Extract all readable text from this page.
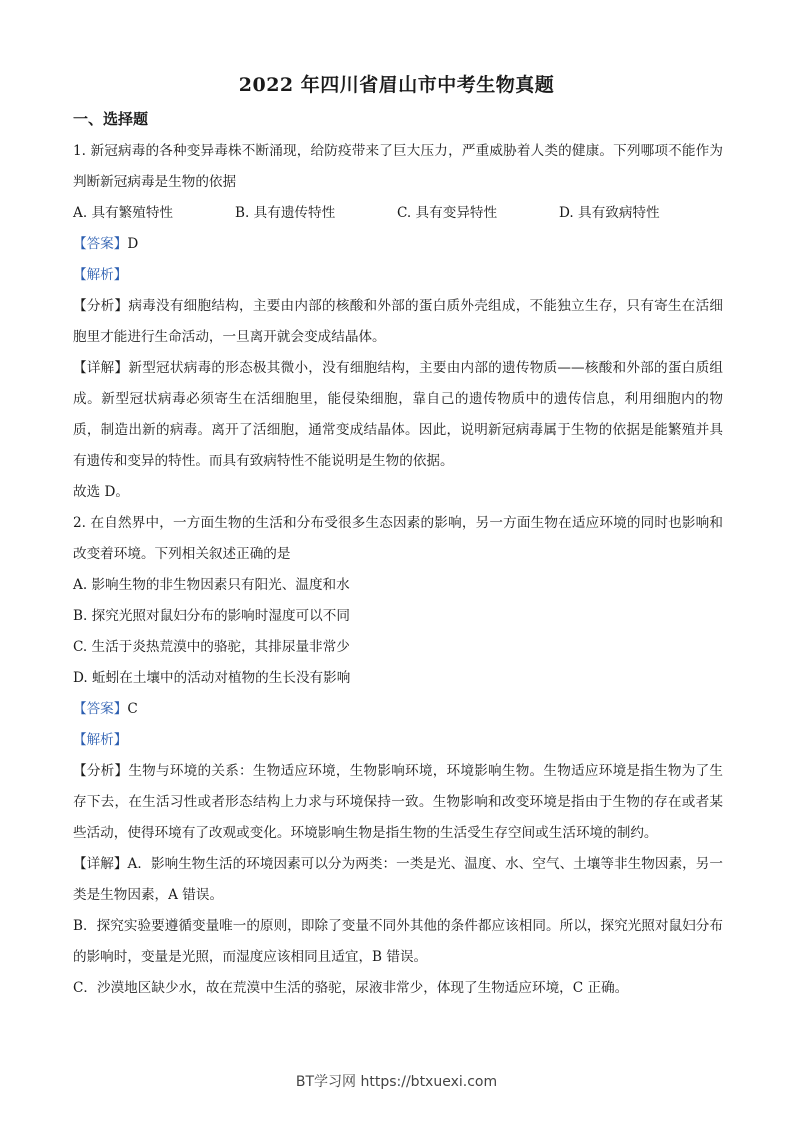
2022 年四川省眉山市中考生物真题
一、选择题

1. 新冠病毒的各种变异毒株不断涌现，给防疫带来了巨大压力，严重威胁着人类的健康。下列哪项不能作为判断新冠病毒是生物的依据

A. 具有繁殖特性	B. 具有遗传特性	C. 具有变异特性	D. 具有致病特性

【答案】D

【解析】

【分析】病毒没有细胞结构，主要由内部的核酸和外部的蛋白质外壳组成，不能独立生存，只有寄生在活细胞里才能进行生命活动，一旦离开就会变成结晶体。

【详解】新型冠状病毒的形态极其微小，没有细胞结构，主要由内部的遗传物质——核酸和外部的蛋白质组成。新型冠状病毒必须寄生在活细胞里，能侵染细胞，靠自己的遗传物质中的遗传信息，利用细胞内的物质，制造出新的病毒。离开了活细胞，通常变成结晶体。因此，说明新冠病毒属于生物的依据是能繁殖并具有遗传和变异的特性。而具有致病特性不能说明是生物的依据。

故选 D。

2. 在自然界中，一方面生物的生活和分布受很多生态因素的影响，另一方面生物在适应环境的同时也影响和改变着环境。下列相关叙述正确的是

A. 影响生物的非生物因素只有阳光、温度和水

B. 探究光照对鼠妇分布的影响时湿度可以不同

C. 生活于炎热荒漠中的骆驼，其排尿量非常少

D. 蚯蚓在土壤中的活动对植物的生长没有影响

【答案】C

【解析】

【分析】生物与环境的关系：生物适应环境，生物影响环境，环境影响生物。生物适应环境是指生物为了生存下去，在生活习性或者形态结构上力求与环境保持一致。生物影响和改变环境是指由于生物的存在或者某些活动，使得环境有了改观或变化。环境影响生物是指生物的生活受生存空间或生活环境的制约。

【详解】A．影响生物生活的环境因素可以分为两类：一类是光、温度、水、空气、土壤等非生物因素，另一类是生物因素，A 错误。

B．探究实验要遵循变量唯一的原则，即除了变量不同外其他的条件都应该相同。所以，探究光照对鼠妇分布的影响时，变量是光照，而湿度应该相同且适宜，B 错误。

C．沙漠地区缺少水，故在荒漠中生活的骆驼，尿液非常少，体现了生物适应环境，C 正确。

BT学习网 https://btxuexi.com
